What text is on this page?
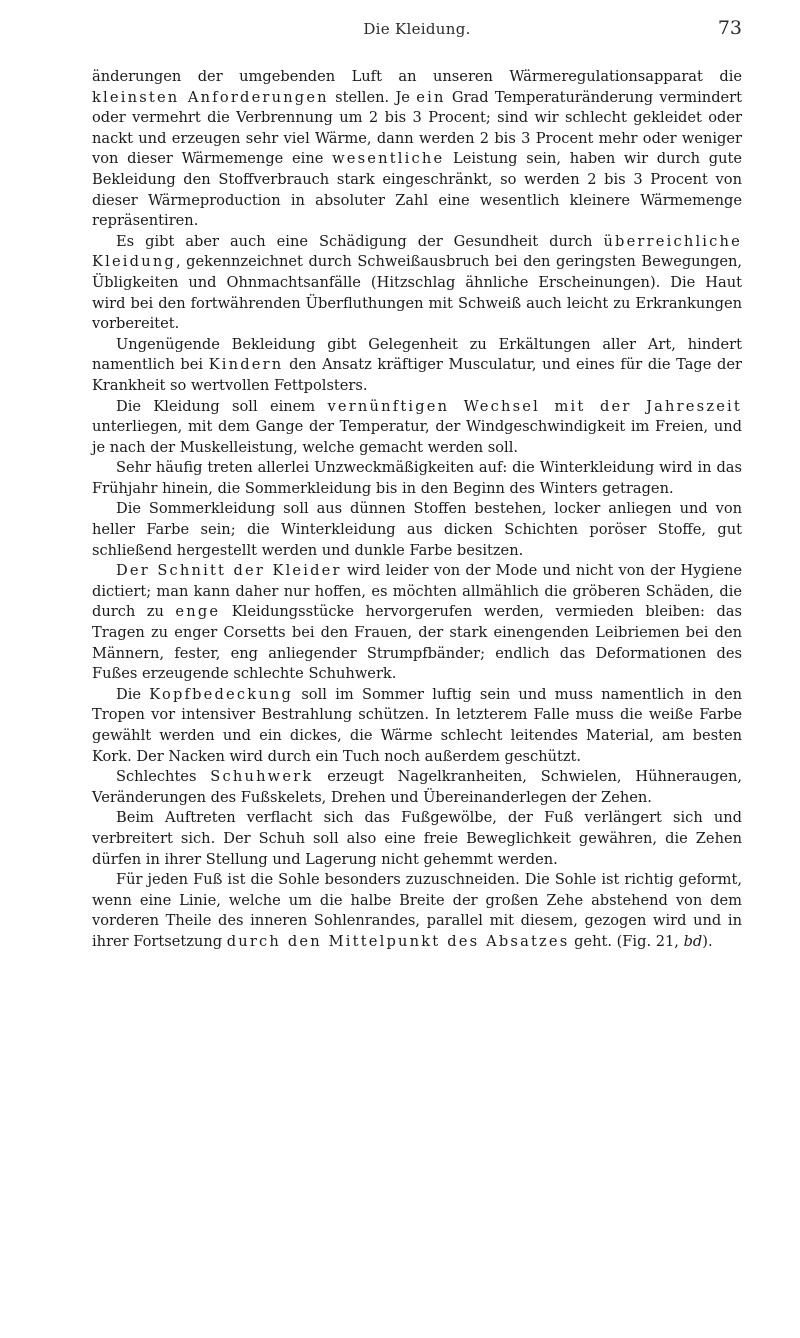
Die Kleidung.	73

änderungen der umgebenden Luft an unseren Wärmeregulationsapparat die kleinsten Anforderungen stellen. Je ein Grad Temperaturänderung vermindert oder vermehrt die Verbrennung um 2 bis 3 Procent; sind wir schlecht gekleidet oder nackt und erzeugen sehr viel Wärme, dann werden 2 bis 3 Procent mehr oder weniger von dieser Wärmemenge eine wesentliche Leistung sein, haben wir durch gute Bekleidung den Stoffverbrauch stark eingeschränkt, so werden 2 bis 3 Procent von dieser Wärmeproduction in absoluter Zahl eine wesentlich kleinere Wärmemenge repräsentiren.

Es gibt aber auch eine Schädigung der Gesundheit durch überreichliche Kleidung, gekennzeichnet durch Schweißausbruch bei den geringsten Bewegungen, Übligkeiten und Ohnmachtsanfälle (Hitzschlag ähnliche Erscheinungen). Die Haut wird bei den fortwährenden Überfluthungen mit Schweiß auch leicht zu Erkrankungen vorbereitet.

Ungenügende Bekleidung gibt Gelegenheit zu Erkältungen aller Art, hindert namentlich bei Kindern den Ansatz kräftiger Musculatur, und eines für die Tage der Krankheit so wertvollen Fettpolsters.

Die Kleidung soll einem vernünftigen Wechsel mit der Jahreszeit unterliegen, mit dem Gange der Temperatur, der Windgeschwindigkeit im Freien, und je nach der Muskelleistung, welche gemacht werden soll.

Sehr häufig treten allerlei Unzweckmäßigkeiten auf: die Winterkleidung wird in das Frühjahr hinein, die Sommerkleidung bis in den Beginn des Winters getragen.

Die Sommerkleidung soll aus dünnen Stoffen bestehen, locker anliegen und von heller Farbe sein; die Winterkleidung aus dicken Schichten poröser Stoffe, gut schließend hergestellt werden und dunkle Farbe besitzen.

Der Schnitt der Kleider wird leider von der Mode und nicht von der Hygiene dictiert; man kann daher nur hoffen, es möchten allmählich die gröberen Schäden, die durch zu enge Kleidungsstücke hervorgerufen werden, vermieden bleiben: das Tragen zu enger Corsetts bei den Frauen, der stark einengenden Leibriemen bei den Männern, fester, eng anliegender Strumpfbänder; endlich das Deformationen des Fußes erzeugende schlechte Schuhwerk.

Die Kopfbedeckung soll im Sommer luftig sein und muss namentlich in den Tropen vor intensiver Bestrahlung schützen. In letzterem Falle muss die weiße Farbe gewählt werden und ein dickes, die Wärme schlecht leitendes Material, am besten Kork. Der Nacken wird durch ein Tuch noch außerdem geschützt.

Schlechtes Schuhwerk erzeugt Nagelkranheiten, Schwielen, Hühneraugen, Veränderungen des Fußskelets, Drehen und Übereinanderlegen der Zehen.

Beim Auftreten verflacht sich das Fußgewölbe, der Fuß verlängert sich und verbreitert sich. Der Schuh soll also eine freie Beweglichkeit gewähren, die Zehen dürfen in ihrer Stellung und Lagerung nicht gehemmt werden.

Für jeden Fuß ist die Sohle besonders zuzuschneiden. Die Sohle ist richtig geformt, wenn eine Linie, welche um die halbe Breite der großen Zehe abstehend von dem vorderen Theile des inneren Sohlenrandes, parallel mit diesem, gezogen wird und in ihrer Fortsetzung durch den Mittelpunkt des Absatzes geht. (Fig. 21, bd).
